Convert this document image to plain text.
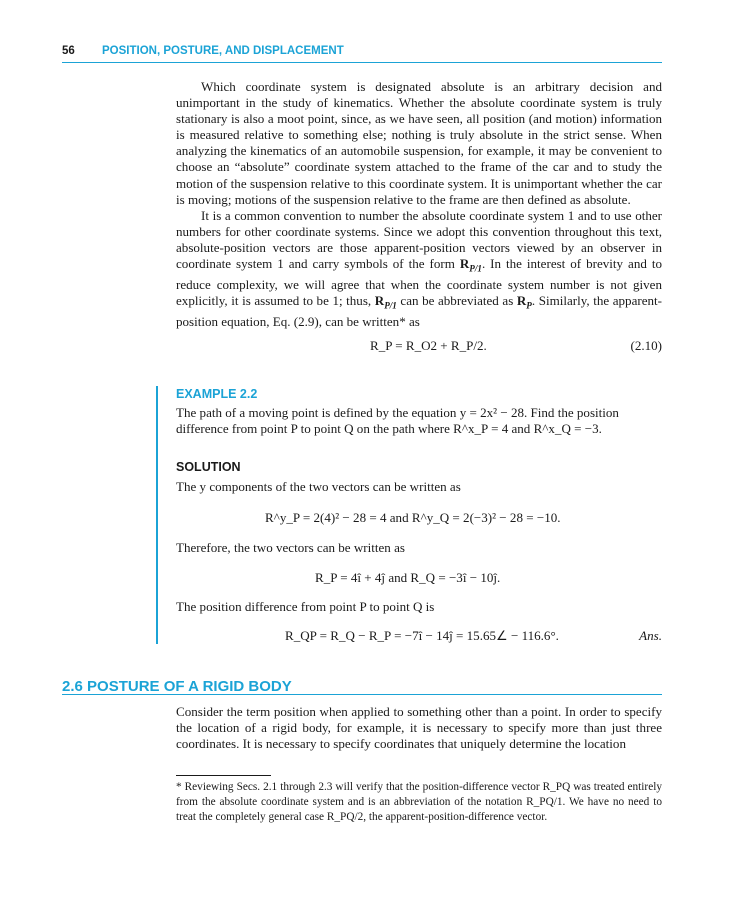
56 POSITION, POSTURE, AND DISPLACEMENT

Which coordinate system is designated absolute is an arbitrary decision and unimportant in the study of kinematics. Whether the absolute coordinate system is truly stationary is also a moot point, since, as we have seen, all position (and motion) information is measured relative to something else; nothing is truly absolute in the strict sense. When analyzing the kinematics of an automobile suspension, for example, it may be convenient to choose an “absolute” coordinate system attached to the frame of the car and to study the motion of the suspension relative to this coordinate system. It is unimportant whether the car is moving; motions of the suspension relative to the frame are then defined as absolute.

It is a common convention to number the absolute coordinate system 1 and to use other numbers for other coordinate systems. Since we adopt this convention throughout this text, absolute-position vectors are those apparent-position vectors viewed by an observer in coordinate system 1 and carry symbols of the form $R_{P/1}$. In the interest of brevity and to reduce complexity, we will agree that when the coordinate system number is not given explicitly, it is assumed to be 1; thus, $R_{P/1}$ can be abbreviated as $R_P$. Similarly, the apparent-position equation, Eq. (2.9), can be written* as

R_P = R_O2 + R_P/2.	(2.10)
EXAMPLE 2.2
The path of a moving point is defined by the equation y = 2x² − 28. Find the position
difference from point P to point Q on the path where R^x_P = 4 and R^x_Q = −3.
SOLUTION
The y components of the two vectors can be written as
R^y_P = 2(4)² − 28 = 4 and R^y_Q = 2(−3)² − 28 = −10.
Therefore, the two vectors can be written as
R_P = 4î + 4ĵ and R_Q = −3î − 10ĵ.
The position difference from point P to point Q is
R_QP = R_Q − R_P = −7î − 14ĵ = 15.65∠ − 116.6°.	Ans.
2.6 POSTURE OF A RIGID BODY

Consider the term position when applied to something other than a point. In order to specify the location of a rigid body, for example, it is necessary to specify more than just three coordinates. It is necessary to specify coordinates that uniquely determine the location

* Reviewing Secs. 2.1 through 2.3 will verify that the position-difference vector R_PQ was treated entirely from the absolute coordinate system and is an abbreviation of the notation R_PQ/1. We have no need to treat the completely general case R_PQ/2, the apparent-position-difference vector.
